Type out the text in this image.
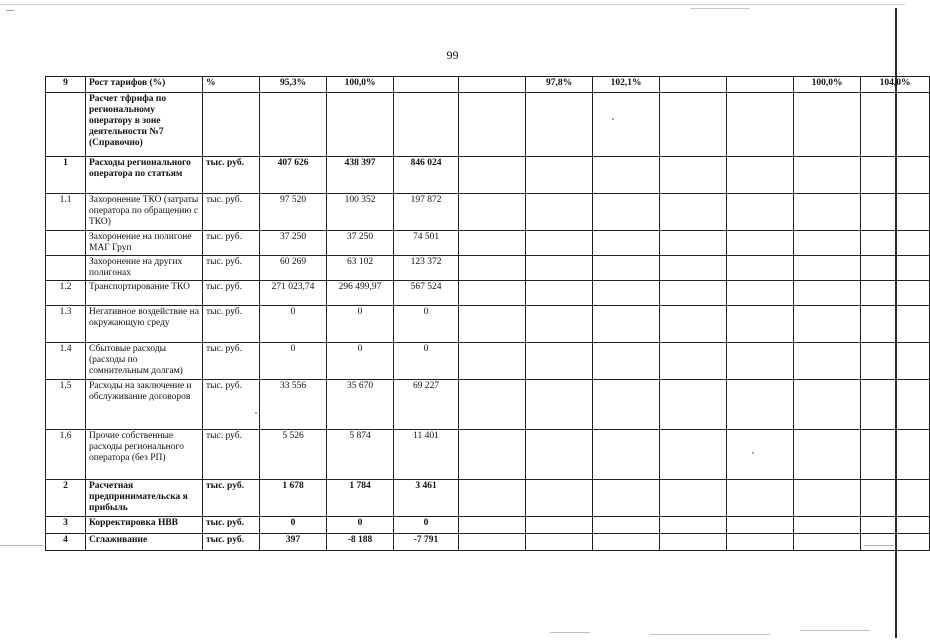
99
9	Рост тарифов (%)	%	95,3%	100,0%			97,8%	102,1%			100,0%	104,0%	
	Расчет тфрифа по региональному оператору в зоне деятельности №7 (Справочно)												
1	Расходы регионального оператора по статьям	тыс. руб.	407 626	438 397	846 024								
1.1	Захоронение ТКО (затраты оператора по обращению с ТКО)	тыс. руб.	97 520	100 352	197 872								
	Захоронение на полигоне МАГ Груп	тыс. руб.	37 250	37 250	74 501								
	Захоронение на других полигонах	тыс. руб.	60 269	63 102	123 372								
1.2	Транспортирование ТКО	тыс. руб.	271 023,74	296 499,97	567 524								
1.3	Негативное воздействие на окружающую среду	тыс. руб.	0	0	0								
1.4	Сбытовые расходы (расходы по сомнительным долгам)	тыс. руб.	0	0	0								
1.5	Расходы на заключение и обслуживание договоров	тыс. руб.	33 556	35 670	69 227								
1.6	Прочие собственные расходы регионального оператора (без РП)	тыс. руб.	5 526	5 874	11 401								
2	Расчетная предпринимательска я прибыль	тыс. руб.	1 678	1 784	3 461								
3	Корректировка НВВ	тыс. руб.	0	0	0								
4	Сглаживание	тыс. руб.	397	-8 188	-7 791								
